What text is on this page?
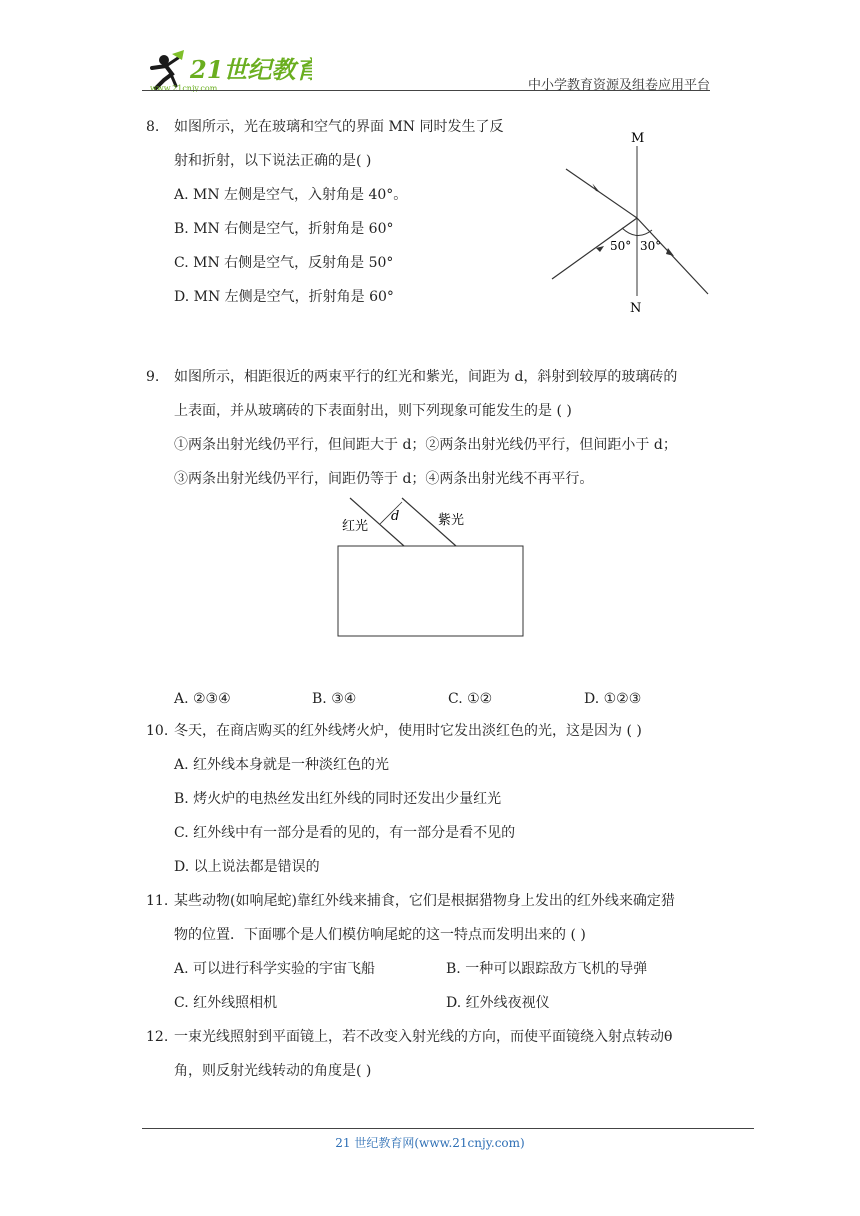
21世纪教育
www.21cnjy.com	中小学教育资源及组卷应用平台
8. 如图所示，光在玻璃和空气的界面 MN 同时发生了反
射和折射，以下说法正确的是( )
A. MN 左侧是空气，入射角是 40°。
B. MN 右侧是空气，折射角是 60°
C. MN 右侧是空气，反射角是 50°
D. MN 左侧是空气，折射角是 60°
M
N
50° 30°
9. 如图所示，相距很近的两束平行的红光和紫光，间距为 d，斜射到较厚的玻璃砖的
上表面，并从玻璃砖的下表面射出，则下列现象可能发生的是 ( )
①两条出射光线仍平行，但间距大于 d；②两条出射光线仍平行，但间距小于 d；
③两条出射光线仍平行，间距仍等于 d；④两条出射光线不再平行。
d
红光	紫光
A. ②③④	B. ③④	C. ①②	D. ①②③
10. 冬天，在商店购买的红外线烤火炉，使用时它发出淡红色的光，这是因为 ( )
A. 红外线本身就是一种淡红色的光
B. 烤火炉的电热丝发出红外线的同时还发出少量红光
C. 红外线中有一部分是看的见的，有一部分是看不见的
D. 以上说法都是错误的
11. 某些动物(如响尾蛇)靠红外线来捕食，它们是根据猎物身上发出的红外线来确定猎
物的位置．下面哪个是人们模仿响尾蛇的这一特点而发明出来的 ( )
A. 可以进行科学实验的宇宙飞船	B. 一种可以跟踪敌方飞机的导弹
C. 红外线照相机	D. 红外线夜视仪
12. 一束光线照射到平面镜上，若不改变入射光线的方向，而使平面镜绕入射点转动θ
角，则反射光线转动的角度是( )
21 世纪教育网(www.21cnjy.com)
